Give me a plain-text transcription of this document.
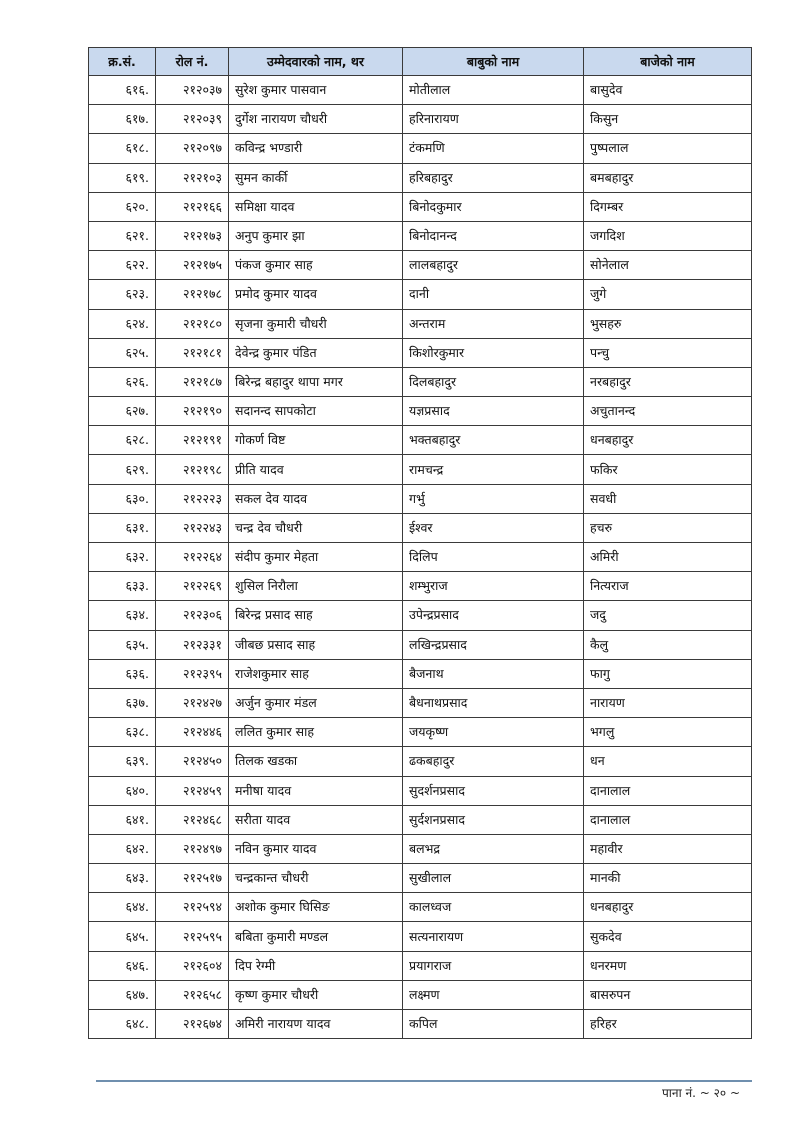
क्र.सं.	रोल नं.	उम्मेदवारको नाम, थर	बाबुको नाम	बाजेको नाम
६१६.	२१२०३७	सुरेश कुमार पासवान	मोतीलाल	बासुदेव
६१७.	२१२०३९	दुर्गेश नारायण चौधरी	हरिनारायण	किसुन
६१८.	२१२०९७	कविन्द्र भण्डारी	टंकमणि	पुष्पलाल
६१९.	२१२१०३	सुमन कार्की	हरिबहादुर	बमबहादुर
६२०.	२१२१६६	समिक्षा यादव	बिनोदकुमार	दिगम्बर
६२१.	२१२१७३	अनुप कुमार झा	बिनोदानन्द	जगदिश
६२२.	२१२१७५	पंकज कुमार साह	लालबहादुर	सोनेलाल
६२३.	२१२१७८	प्रमोद कुमार यादव	दानी	जुगे
६२४.	२१२१८०	सृजना कुमारी चौधरी	अन्तराम	भुसहरु
६२५.	२१२१८१	देवेन्द्र कुमार पंडित	किशोरकुमार	पन्चु
६२६.	२१२१८७	बिरेन्द्र बहादुर थापा मगर	दिलबहादुर	नरबहादुर
६२७.	२१२१९०	सदानन्द सापकोटा	यज्ञप्रसाद	अचुतानन्द
६२८.	२१२१९१	गोकर्ण विष्ट	भक्तबहादुर	धनबहादुर
६२९.	२१२१९८	प्रीति यादव	रामचन्द्र	फकिर
६३०.	२१२२२३	सकल देव यादव	गर्भु	सवधी
६३१.	२१२२४३	चन्द्र देव चौधरी	ईश्वर	हचरु
६३२.	२१२२६४	संदीप कुमार मेहता	दिलिप	अमिरी
६३३.	२१२२६९	शुसिल निरौला	शम्भुराज	नित्यराज
६३४.	२१२३०६	बिरेन्द्र प्रसाद साह	उपेन्द्रप्रसाद	जदु
६३५.	२१२३३१	जीबछ प्रसाद साह	लखिन्द्रप्रसाद	कैलु
६३६.	२१२३९५	राजेशकुमार साह	बैजनाथ	फागु
६३७.	२१२४२७	अर्जुन कुमार मंडल	बैधनाथप्रसाद	नारायण
६३८.	२१२४४६	ललित कुमार साह	जयकृष्ण	भगलु
६३९.	२१२४५०	तिलक खडका	ढकबहादुर	धन
६४०.	२१२४५९	मनीषा यादव	सुदर्शनप्रसाद	दानालाल
६४१.	२१२४६८	सरीता यादव	सुर्दशनप्रसाद	दानालाल
६४२.	२१२४९७	नविन कुमार यादव	बलभद्र	महावीर
६४३.	२१२५१७	चन्द्रकान्त चौधरी	सुखीलाल	मानकी
६४४.	२१२५९४	अशोक कुमार घिसिङ	कालध्वज	धनबहादुर
६४५.	२१२५९५	बबिता कुमारी मण्डल	सत्यनारायण	सुकदेव
६४६.	२१२६०४	दिप रेग्मी	प्रयागराज	धनरमण
६४७.	२१२६५८	कृष्ण कुमार चौधरी	लक्ष्मण	बासरुपन
६४८.	२१२६७४	अमिरी नारायण यादव	कपिल	हरिहर
पाना नं. ~ २० ~
